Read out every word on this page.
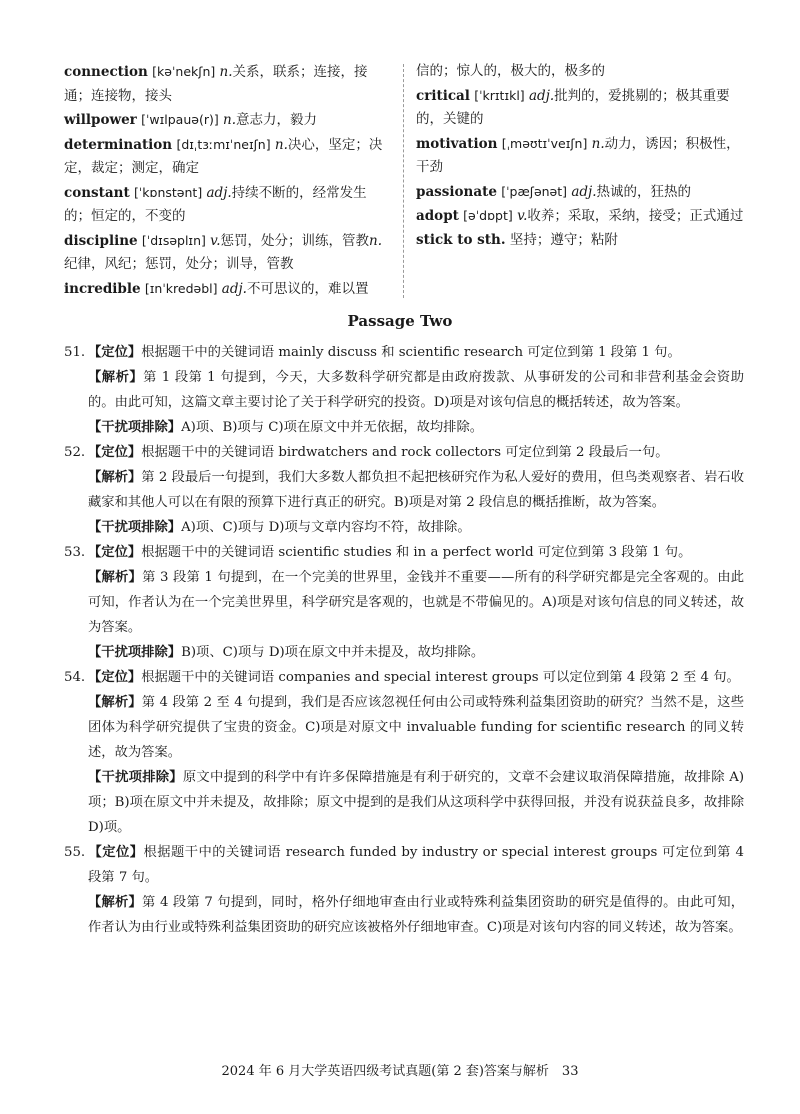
connection [kəˈnekʃn] n.关系，联系；连接，接通；连接物，接头

willpower [ˈwɪlpauə(r)] n.意志力，毅力

determination [dɪˌtɜːmɪˈneɪʃn] n.决心，坚定；决定，裁定；测定，确定

constant [ˈkɒnstənt] adj.持续不断的，经常发生的；恒定的，不变的

discipline [ˈdɪsəplɪn] v.惩罚，处分；训练，管教n.纪律，风纪；惩罚，处分；训导，管教

incredible [ɪnˈkredəbl] adj.不可思议的，难以置

信的；惊人的，极大的，极多的

critical [ˈkrɪtɪkl] adj.批判的，爱挑剔的；极其重要的，关键的

motivation [ˌməʊtɪˈveɪʃn] n.动力，诱因；积极性，干劲

passionate [ˈpæʃənət] adj.热诚的，狂热的

adopt [əˈdɒpt] v.收养；采取，采纳，接受；正式通过

stick to sth. 坚持；遵守；粘附

Passage Two

51. 【定位】根据题干中的关键词语 mainly discuss 和 scientific research 可定位到第 1 段第 1 句。

【解析】第 1 段第 1 句提到，今天，大多数科学研究都是由政府拨款、从事研发的公司和非营利基金会资助的。由此可知，这篇文章主要讨论了关于科学研究的投资。D)项是对该句信息的概括转述，故为答案。

【干扰项排除】A)项、B)项与 C)项在原文中并无依据，故均排除。

52. 【定位】根据题干中的关键词语 birdwatchers and rock collectors 可定位到第 2 段最后一句。

【解析】第 2 段最后一句提到，我们大多数人都负担不起把核研究作为私人爱好的费用，但鸟类观察者、岩石收藏家和其他人可以在有限的预算下进行真正的研究。B)项是对第 2 段信息的概括推断，故为答案。

【干扰项排除】A)项、C)项与 D)项与文章内容均不符，故排除。

53. 【定位】根据题干中的关键词语 scientific studies 和 in a perfect world 可定位到第 3 段第 1 句。

【解析】第 3 段第 1 句提到，在一个完美的世界里，金钱并不重要——所有的科学研究都是完全客观的。由此可知，作者认为在一个完美世界里，科学研究是客观的，也就是不带偏见的。A)项是对该句信息的同义转述，故为答案。

【干扰项排除】B)项、C)项与 D)项在原文中并未提及，故均排除。

54. 【定位】根据题干中的关键词语 companies and special interest groups 可以定位到第 4 段第 2 至 4 句。

【解析】第 4 段第 2 至 4 句提到，我们是否应该忽视任何由公司或特殊利益集团资助的研究？当然不是，这些团体为科学研究提供了宝贵的资金。C)项是对原文中 invaluable funding for scientific research 的同义转述，故为答案。

【干扰项排除】原文中提到的科学中有许多保障措施是有利于研究的，文章不会建议取消保障措施，故排除 A)项；B)项在原文中并未提及，故排除；原文中提到的是我们从这项科学中获得回报，并没有说获益良多，故排除 D)项。

55. 【定位】根据题干中的关键词语 research funded by industry or special interest groups 可定位到第 4 段第 7 句。

【解析】第 4 段第 7 句提到，同时，格外仔细地审查由行业或特殊利益集团资助的研究是值得的。由此可知，作者认为由行业或特殊利益集团资助的研究应该被格外仔细地审查。C)项是对该句内容的同义转述，故为答案。

2024 年 6 月大学英语四级考试真题(第 2 套)答案与解析　33
